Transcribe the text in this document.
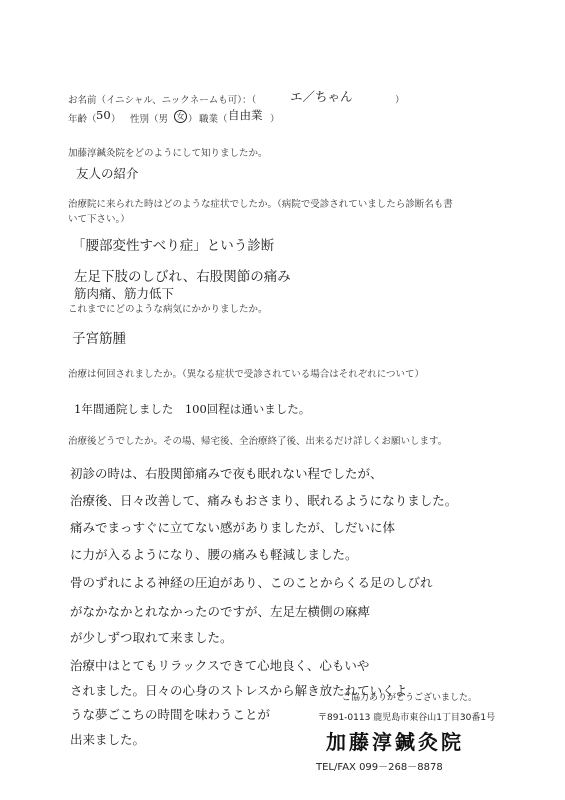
お名前（イニシャル、ニックネームも可）：（	エ／ちゃん	）
年齢（ 50 ） 性別（男	女 ） 職業（ 自由業 ）
加藤淳鍼灸院をどのようにして知りましたか。
友人の紹介
治療院に来られた時はどのような症状でしたか。（病院で受診されていましたら診断名も書
いて下さい。）
「腰部変性すべり症」という診断
左足下肢のしびれ、右股関節の痛み
筋肉痛、筋力低下
これまでにどのような病気にかかりましたか。
子宮筋腫
治療は何回されましたか。（異なる症状で受診されている場合はそれぞれについて）
1年間通院しました　100回程は通いました。
治療後どうでしたか。その場、帰宅後、全治療終了後、出来るだけ詳しくお願いします。
初診の時は、右股関節痛みで夜も眠れない程でしたが、
治療後、日々改善して、痛みもおさまり、眠れるようになりました。
痛みでまっすぐに立てない感がありましたが、しだいに体
に力が入るようになり、腰の痛みも軽減しました。
骨のずれによる神経の圧迫があり、このことからくる足のしびれ
がなかなかとれなかったのですが、左足左横側の麻痺
が少しずつ取れて来ました。
治療中はとてもリラックスできて心地良く、心もいや
されました。日々の心身のストレスから解き放たれていくよ
うな夢ごこちの時間を味わうことが
出来ました。
ご協力ありがとうございました。
〒891-0113 鹿児島市東谷山1丁目30番1号
加藤淳鍼灸院
TEL/FAX 099－268－8878
